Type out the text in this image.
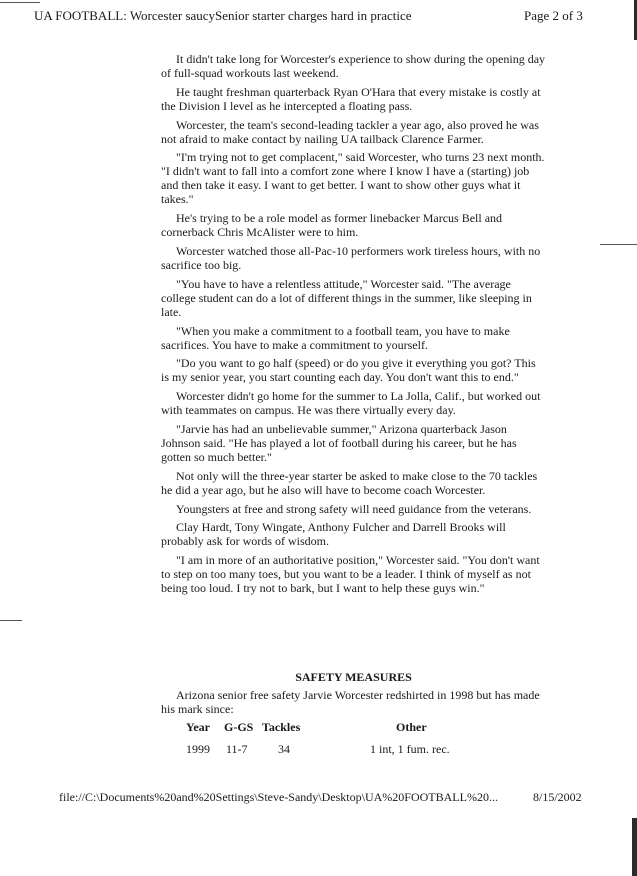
UA FOOTBALL: Worcester saucySenior starter charges hard in practice	Page 2 of 3

It didn't take long for Worcester's experience to show during the opening day of full-squad workouts last weekend.

He taught freshman quarterback Ryan O'Hara that every mistake is costly at the Division I level as he intercepted a floating pass.

Worcester, the team's second-leading tackler a year ago, also proved he was not afraid to make contact by nailing UA tailback Clarence Farmer.

"I'm trying not to get complacent," said Worcester, who turns 23 next month. "I didn't want to fall into a comfort zone where I know I have a (starting) job and then take it easy. I want to get better. I want to show other guys what it takes."

He's trying to be a role model as former linebacker Marcus Bell and cornerback Chris McAlister were to him.

Worcester watched those all-Pac-10 performers work tireless hours, with no sacrifice too big.

"You have to have a relentless attitude," Worcester said. "The average college student can do a lot of different things in the summer, like sleeping in late.

"When you make a commitment to a football team, you have to make sacrifices. You have to make a commitment to yourself.

"Do you want to go half (speed) or do you give it everything you got? This is my senior year, you start counting each day. You don't want this to end."

Worcester didn't go home for the summer to La Jolla, Calif., but worked out with teammates on campus. He was there virtually every day.

"Jarvie has had an unbelievable summer," Arizona quarterback Jason Johnson said. "He has played a lot of football during his career, but he has gotten so much better."

Not only will the three-year starter be asked to make close to the 70 tackles he did a year ago, but he also will have to become coach Worcester.

Youngsters at free and strong safety will need guidance from the veterans.

Clay Hardt, Tony Wingate, Anthony Fulcher and Darrell Brooks will probably ask for words of wisdom.

"I am in more of an authoritative position," Worcester said. "You don't want to step on too many toes, but you want to be a leader. I think of myself as not being too loud. I try not to bark, but I want to help these guys win."

SAFETY MEASURES

Arizona senior free safety Jarvie Worcester redshirted in 1998 but has made his mark since:

Year G-GS Tackles	Other
1999 11-7	34	1 int, 1 fum. rec.
file://C:\Documents%20and%20Settings\Steve-Sandy\Desktop\UA%20FOOTBALL%20...	8/15/2002
